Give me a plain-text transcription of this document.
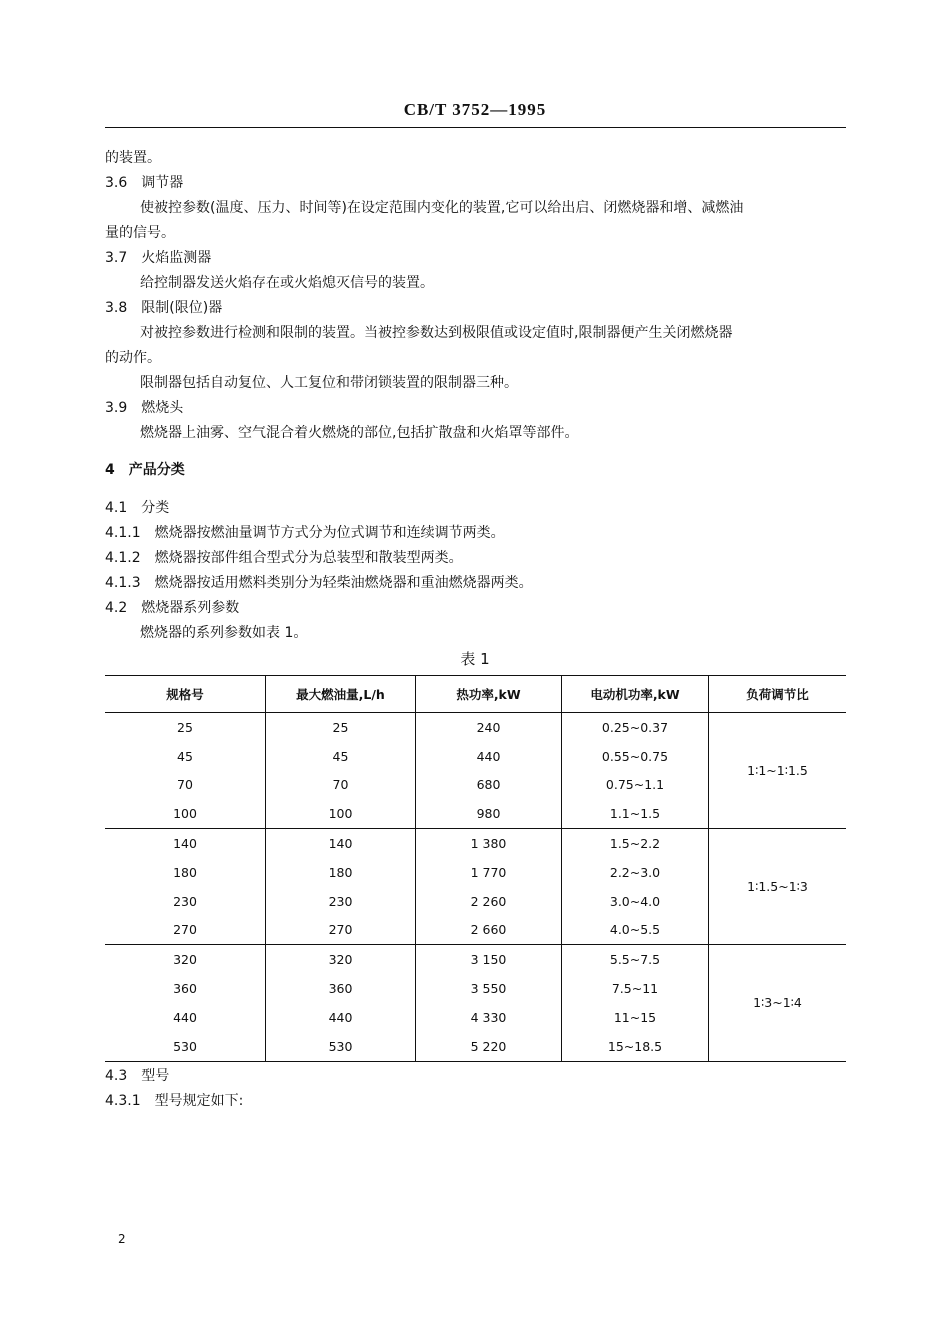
CB/T 3752—1995
的装置。
3.6 调节器
使被控参数(温度、压力、时间等)在设定范围内变化的装置,它可以给出启、闭燃烧器和增、减燃油
量的信号。
3.7 火焰监测器
给控制器发送火焰存在或火焰熄灭信号的装置。
3.8 限制(限位)器
对被控参数进行检测和限制的装置。当被控参数达到极限值或设定值时,限制器便产生关闭燃烧器
的动作。
限制器包括自动复位、人工复位和带闭锁装置的限制器三种。
3.9 燃烧头
燃烧器上油雾、空气混合着火燃烧的部位,包括扩散盘和火焰罩等部件。
4 产品分类
4.1 分类
4.1.1 燃烧器按燃油量调节方式分为位式调节和连续调节两类。
4.1.2 燃烧器按部件组合型式分为总装型和散装型两类。
4.1.3 燃烧器按适用燃料类别分为轻柴油燃烧器和重油燃烧器两类。
4.2 燃烧器系列参数
燃烧器的系列参数如表 1。
表 1
规格号	最大燃油量,L/h	热功率,kW	电动机功率,kW	负荷调节比
25	25	240	0.25~0.37	1∶1~1∶1.5
45	45	440	0.55~0.75	
70	70	680	0.75~1.1	
100	100	980	1.1~1.5	
140	140	1 380	1.5~2.2	1∶1.5~1∶3
180	180	1 770	2.2~3.0	
230	230	2 260	3.0~4.0	
270	270	2 660	4.0~5.5	
320	320	3 150	5.5~7.5	1∶3~1∶4
360	360	3 550	7.5~11	
440	440	4 330	11~15	
530	530	5 220	15~18.5	
4.3 型号
4.3.1 型号规定如下:
2
